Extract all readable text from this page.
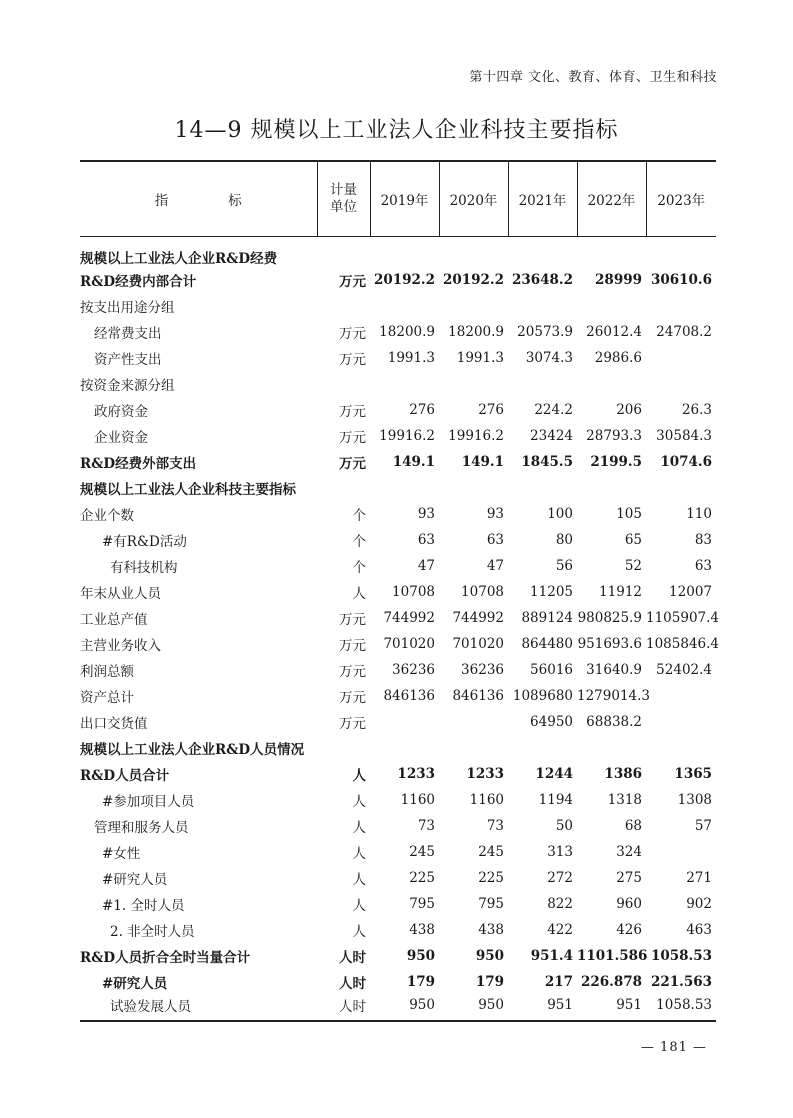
第十四章 文化、教育、体育、卫生和科技
14—9 规模以上工业法人企业科技主要指标
指 标	计量
单位	2019年	2020年	2021年	2022年	2023年
规模以上工业法人企业R&D经费						
R&D经费内部合计	万元	20192.2	20192.2	23648.2	28999	30610.6
按支出用途分组						
经常费支出	万元	18200.9	18200.9	20573.9	26012.4	24708.2
资产性支出	万元	1991.3	1991.3	3074.3	2986.6	
按资金来源分组						
政府资金	万元	276	276	224.2	206	26.3
企业资金	万元	19916.2	19916.2	23424	28793.3	30584.3
R&D经费外部支出	万元	149.1	149.1	1845.5	2199.5	1074.6
规模以上工业法人企业科技主要指标						
企业个数	个	93	93	100	105	110
#有R&D活动	个	63	63	80	65	83
有科技机构	个	47	47	56	52	63
年末从业人员	人	10708	10708	11205	11912	12007
工业总产值	万元	744992	744992	889124	980825.9	1105907.4
主营业务收入	万元	701020	701020	864480	951693.6	1085846.4
利润总额	万元	36236	36236	56016	31640.9	52402.4
资产总计	万元	846136	846136	1089680	1279014.3	
出口交货值	万元			64950	68838.2	
规模以上工业法人企业R&D人员情况						
R&D人员合计	人	1233	1233	1244	1386	1365
#参加项目人员	人	1160	1160	1194	1318	1308
管理和服务人员	人	73	73	50	68	57
#女性	人	245	245	313	324	
#研究人员	人	225	225	272	275	271
#1. 全时人员	人	795	795	822	960	902
2. 非全时人员	人	438	438	422	426	463
R&D人员折合全时当量合计	人时	950	950	951.4	1101.586	1058.53
#研究人员	人时	179	179	217	226.878	221.563
试验发展人员	人时	950	950	951	951	1058.53
— 181 —
